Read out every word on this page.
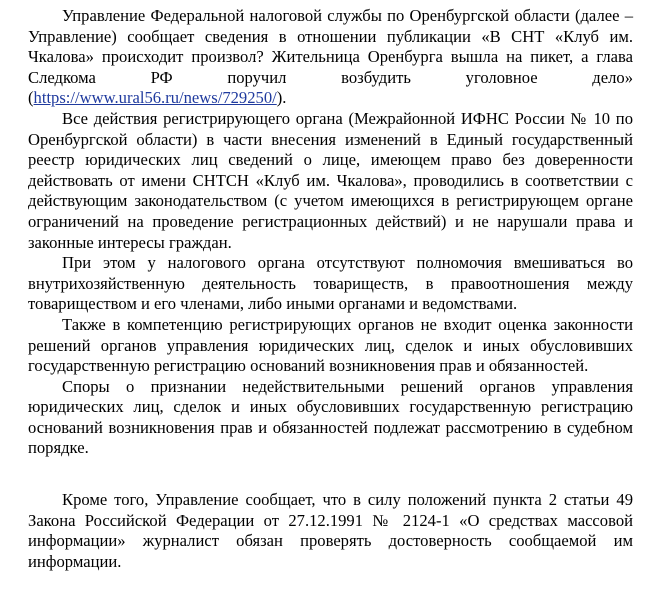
Управление Федеральной налоговой службы по Оренбургской области (далее – Управление) сообщает сведения в отношении публикации «В СНТ «Клуб им. Чкалова» происходит произвол? Жительница Оренбурга вышла на пикет, а глава Следкома РФ поручил возбудить уголовное дело» (https://www.ural56.ru/news/729250/).

Все действия регистрирующего органа (Межрайонной ИФНС России № 10 по Оренбургской области) в части внесения изменений в Единый государственный реестр юридических лиц сведений о лице, имеющем право без доверенности действовать от имени СНТСН «Клуб им. Чкалова», проводились в соответствии с действующим законодательством (с учетом имеющихся в регистрирующем органе ограничений на проведение регистрационных действий) и не нарушали права и законные интересы граждан.

При этом у налогового органа отсутствуют полномочия вмешиваться во внутрихозяйственную деятельность товариществ, в правоотношения между товариществом и его членами, либо иными органами и ведомствами.

Также в компетенцию регистрирующих органов не входит оценка законности решений органов управления юридических лиц, сделок и иных обусловивших государственную регистрацию оснований возникновения прав и обязанностей.

Споры о признании недействительными решений органов управления юридических лиц, сделок и иных обусловивших государственную регистрацию оснований возникновения прав и обязанностей подлежат рассмотрению в судебном порядке.

Кроме того, Управление сообщает, что в силу положений пункта 2 статьи 49 Закона Российской Федерации от 27.12.1991 № 2124-1 «О средствах массовой информации» журналист обязан проверять достоверность сообщаемой им информации.
